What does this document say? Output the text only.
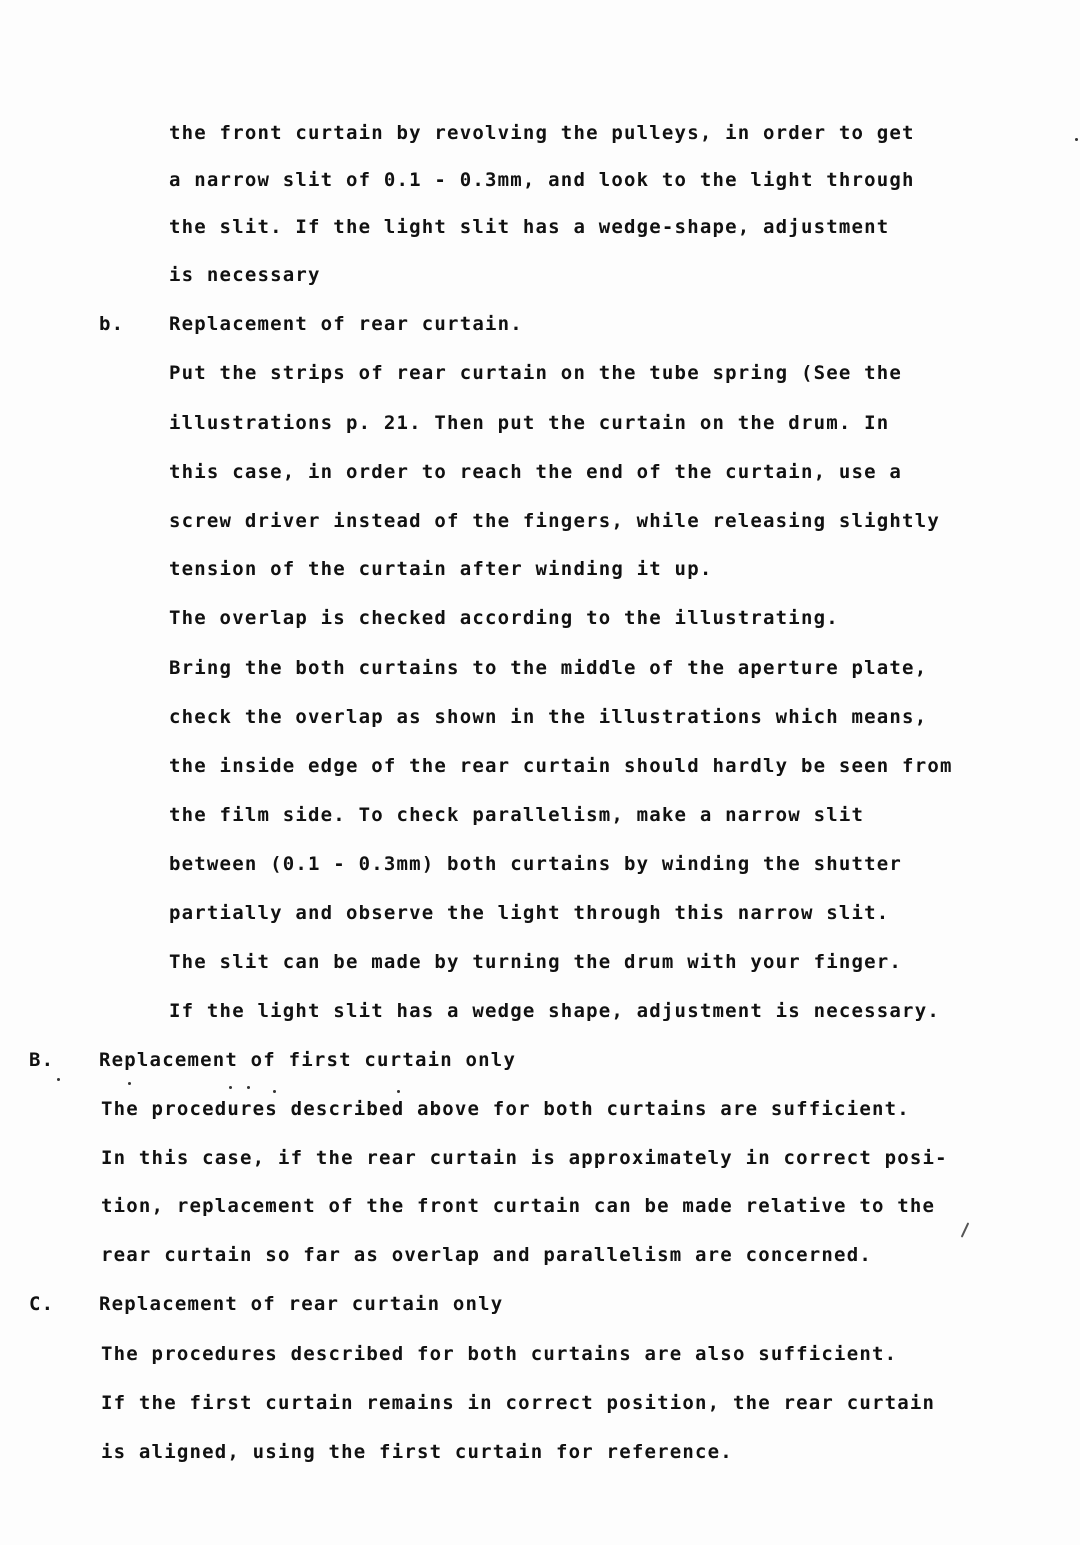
the front curtain by revolving the pulleys, in order to get
a narrow slit of 0.1 - 0.3mm, and look to the light through
the slit. If the light slit has a wedge-shape, adjustment
is necessary
b. Replacement of rear curtain.
Put the strips of rear curtain on the tube spring (See the
illustrations p. 21. Then put the curtain on the drum. In
this case, in order to reach the end of the curtain, use a
screw driver instead of the fingers, while releasing slightly
tension of the curtain after winding it up.
The overlap is checked according to the illustrating.
Bring the both curtains to the middle of the aperture plate,
check the overlap as shown in the illustrations which means,
the inside edge of the rear curtain should hardly be seen from
the film side. To check parallelism, make a narrow slit
between (0.1 - 0.3mm) both curtains by winding the shutter
partially and observe the light through this narrow slit.
The slit can be made by turning the drum with your finger.
If the light slit has a wedge shape, adjustment is necessary.
B. Replacement of first curtain only
The procedures described above for both curtains are sufficient.
In this case, if the rear curtain is approximately in correct posi-
tion, replacement of the front curtain can be made relative to the
rear curtain so far as overlap and parallelism are concerned.
C. Replacement of rear curtain only
The procedures described for both curtains are also sufficient.
If the first curtain remains in correct position, the rear curtain
is aligned, using the first curtain for reference.
